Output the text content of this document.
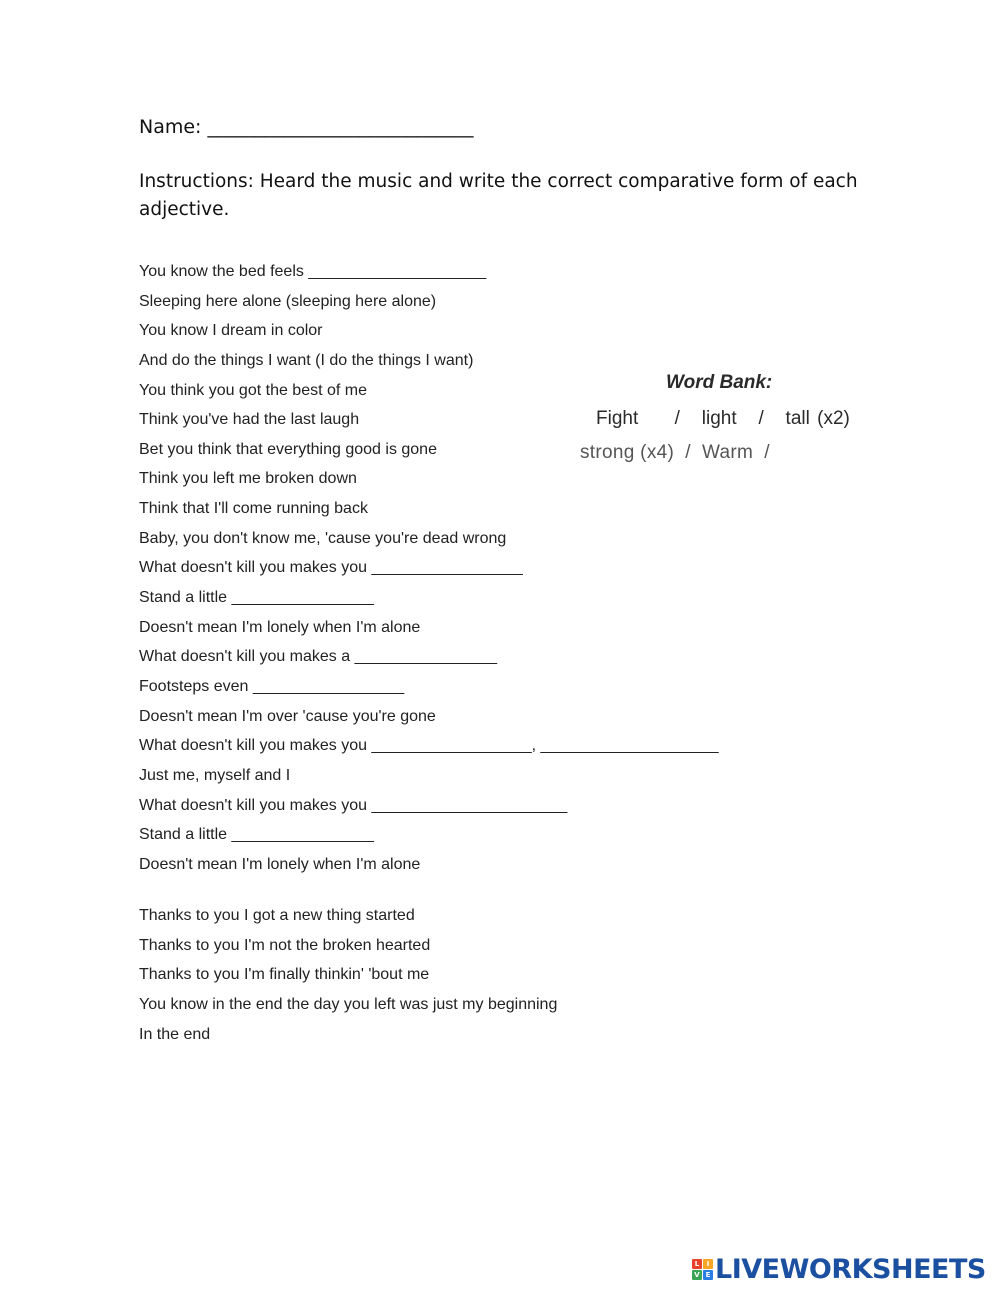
Name: ____________________________
Instructions: Heard the music and write the correct comparative form of each adjective.
You know the bed feels ____________________
Sleeping here alone (sleeping here alone)
You know I dream in color
And do the things I want (I do the things I want)
You think you got the best of me
Think you've had the last laugh
Bet you think that everything good is gone
Think you left me broken down
Think that I'll come running back
Baby, you don't know me, 'cause you're dead wrong
What doesn't kill you makes you _________________
Stand a little ________________
Doesn't mean I'm lonely when I'm alone
What doesn't kill you makes a ________________
Footsteps even _________________
Doesn't mean I'm over 'cause you're gone
What doesn't kill you makes you __________________, ____________________
Just me, myself and I
What doesn't kill you makes you ______________________
Stand a little ________________
Doesn't mean I'm lonely when I'm alone
Thanks to you I got a new thing started
Thanks to you I'm not the broken hearted
Thanks to you I'm finally thinkin' 'bout me
You know in the end the day you left was just my beginning
In the end
Word Bank:
Fight     /   light   /   tall (x2)
strong (x4)  /  Warm  /
L	I
V E LIVEWORKSHEETS
